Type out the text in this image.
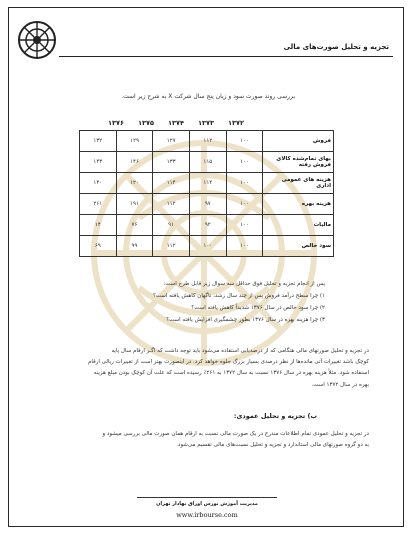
تجزیه و تحلیل صورت‌های مالی
بررسی روند صورت سود و زیان پنج سال شرکت X به شرح زیر است.
۱۳۷۶	۱۳۷۵	۱۳۷۴	۱۳۷۳	۱۳۷۲
۱۳۲	۱۲۹	۱۲۷	۱۱۲	۱۰۰	فروش
۱۴۳	۱۴۶	۱۳۳	۱۱۵	۱۰۰	بهای تمام‌شده کالای فروش رفته
۱۴۰	۱۲۰	۱۱۴	۱۱۴	۱۰۰	هزینه های عمومی اداری
۲۶۱	۱۹۱	۱۱۲	۹۷	۱۰۰	هزینه بهره
۱۴	۷۶	۹۱	۹۲	۱۰۰	مالیات
۶۹	۹۹	۱۱۲	۱۰۰	۱۰۰	سود خالص
پس از انجام تجزیه و تحلیل فوق حداقل سه سوال زیر قابل طرح است:
۱) چرا سطح درآمد فروش پس از چند سال رشد، ناگهان کاهش یافته است؟
۲) چرا سود خالص در سال ۱۳۷۶ شدیداً کاهش یافته است؟
۳) چرا هزینه بهره در سال ۱۳۷۶ بطور چشمگیری افزایش یافته است؟
در تجزیه و تحلیل صورتهای مالی هنگامی که از درصدیابی استفاده می‌شود باید توجه داشت که اگـر ارقام سال پایه
کوچک باشد تغییرات آتی مانده‌ها از نظر درصدی بسیار بزرگ جلوه خواهد کرد. در اینصورت بهتر است از تغییرات ریالی ارقام
استفاده شود. مثلاً هزینه بهره در سال ۱۳۷۶ نسبت به سال ۱۳۷۲ به ۲۶۱٪ رسیده است که علت آن کوچک بودن مبلغ هزینه
بهره در سال ۱۳۷۲ است.
ب) تجزیه و تحلیل عمودی:
در تجزیه و تحلیل عمودی تمام اطلاعات مندرج در یک صورت مالی نسبت به ارقام همان صورت مالی بررسی میشود و
به دو گروه صورتهای مالی استاندارد و تجزیه و تحلیل نسبت‌های مالی تقسیم می‌شود.
مدیریت آموزش بورس اوراق بهادار تهران
www.irbourse.com
